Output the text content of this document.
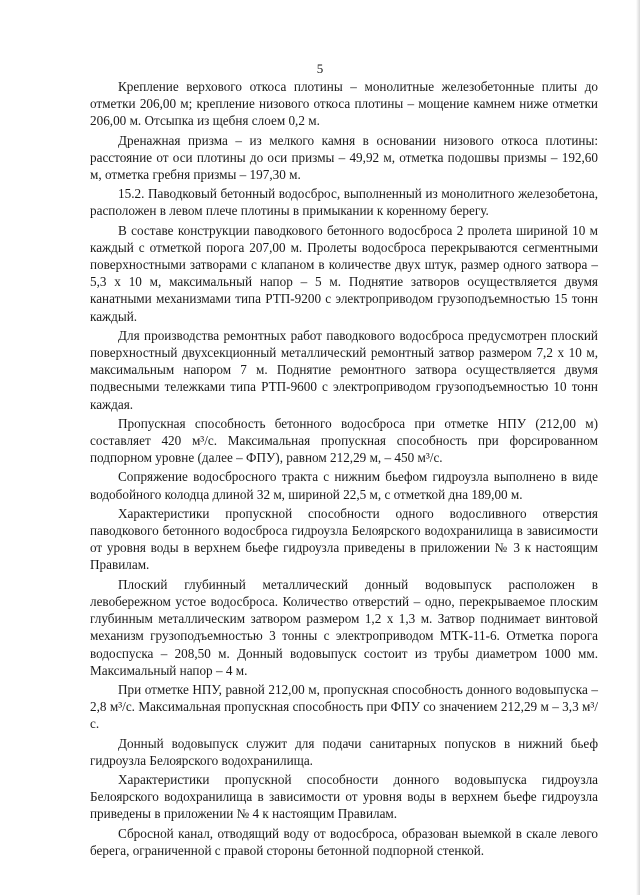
5

Крепление верхового откоса плотины – монолитные железобетонные плиты до отметки 206,00 м; крепление низового откоса плотины – мощение камнем ниже отметки 206,00 м. Отсыпка из щебня слоем 0,2 м.

Дренажная призма – из мелкого камня в основании низового откоса плотины: расстояние от оси плотины до оси призмы – 49,92 м, отметка подошвы призмы – 192,60 м, отметка гребня призмы – 197,30 м.

15.2. Паводковый бетонный водосброс, выполненный из монолитного железобетона, расположен в левом плече плотины в примыкании к коренному берегу.

В составе конструкции паводкового бетонного водосброса 2 пролета шириной 10 м каждый с отметкой порога 207,00 м. Пролеты водосброса перекрываются сегментными поверхностными затворами с клапаном в количестве двух штук, размер одного затвора – 5,3 х 10 м, максимальный напор – 5 м. Поднятие затворов осуществляется двумя канатными механизмами типа РТП-9200 с электроприводом грузоподъемностью 15 тонн каждый.

Для производства ремонтных работ паводкового водосброса предусмотрен плоский поверхностный двухсекционный металлический ремонтный затвор размером 7,2 х 10 м, максимальным напором 7 м. Поднятие ремонтного затвора осуществляется двумя подвесными тележками типа РТП-9600 с электроприводом грузоподъемностью 10 тонн каждая.

Пропускная способность бетонного водосброса при отметке НПУ (212,00 м) составляет 420 м³/с. Максимальная пропускная способность при форсированном подпорном уровне (далее – ФПУ), равном 212,29 м, – 450 м³/с.

Сопряжение водосбросного тракта с нижним бьефом гидроузла выполнено в виде водобойного колодца длиной 32 м, шириной 22,5 м, с отметкой дна 189,00 м.

Характеристики пропускной способности одного водосливного отверстия паводкового бетонного водосброса гидроузла Белоярского водохранилища в зависимости от уровня воды в верхнем бьефе гидроузла приведены в приложении № 3 к настоящим Правилам.

Плоский глубинный металлический донный водовыпуск расположен в левобережном устое водосброса. Количество отверстий – одно, перекрываемое плоским глубинным металлическим затвором размером 1,2 х 1,3 м. Затвор поднимает винтовой механизм грузоподъемностью 3 тонны с электроприводом МТК-11-6. Отметка порога водоспуска – 208,50 м. Донный водовыпуск состоит из трубы диаметром 1000 мм. Максимальный напор – 4 м.

При отметке НПУ, равной 212,00 м, пропускная способность донного водовыпуска – 2,8 м³/с. Максимальная пропускная способность при ФПУ со значением 212,29 м – 3,3 м³/с.

Донный водовыпуск служит для подачи санитарных попусков в нижний бьеф гидроузла Белоярского водохранилища.

Характеристики пропускной способности донного водовыпуска гидроузла Белоярского водохранилища в зависимости от уровня воды в верхнем бьефе гидроузла приведены в приложении № 4 к настоящим Правилам.

Сбросной канал, отводящий воду от водосброса, образован выемкой в скале левого берега, ограниченной с правой стороны бетонной подпорной стенкой.
